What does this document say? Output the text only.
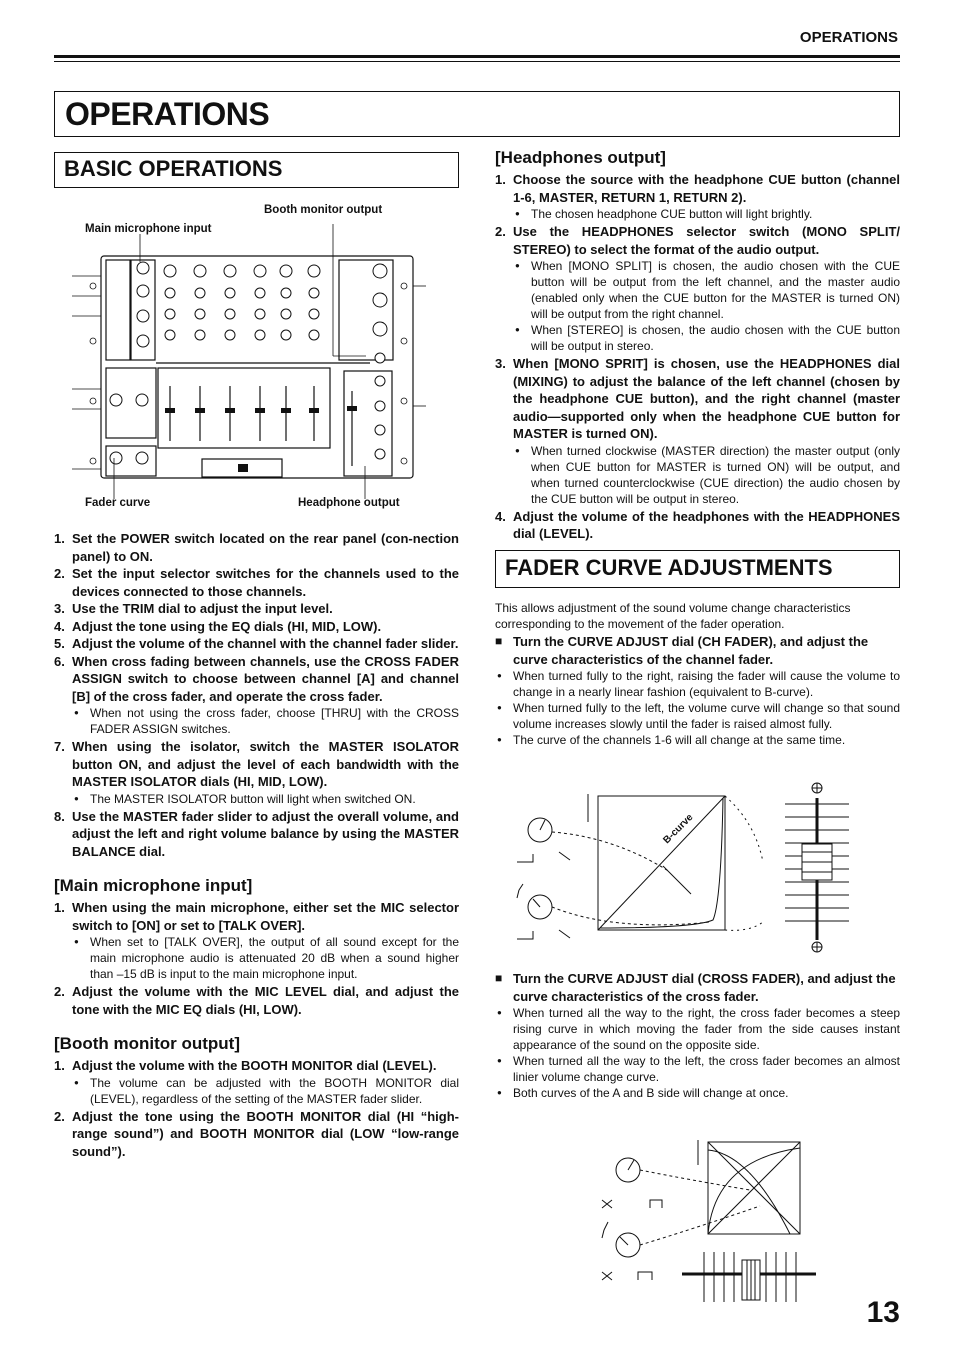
OPERATIONS
OPERATIONS
BASIC OPERATIONS
Booth monitor output
Main microphone input
Fader curve	Headphone output
1. Set the POWER switch located on the rear panel (con-nection panel) to ON.
2. Set the input selector switches for the channels used to the devices connected to those channels.
3. Use the TRIM dial to adjust the input level.
4. Adjust the tone using the EQ dials (HI, MID, LOW).
5. Adjust the volume of the channel with the channel fader slider.
6. When cross fading between channels, use the CROSS FADER ASSIGN switch to choose between channel [A] and channel [B] of the cross fader, and operate the cross fader.
● When not using the cross fader, choose [THRU] with the CROSS FADER ASSIGN switches.
7. When using the isolator, switch the MASTER ISOLATOR button ON, and adjust the level of each bandwidth with the MASTER ISOLATOR dials (HI, MID, LOW).
● The MASTER ISOLATOR button will light when switched ON.
8. Use the MASTER fader slider to adjust the overall volume, and adjust the left and right volume balance by using the MASTER BALANCE dial.
[Main microphone input]
1. When using the main microphone, either set the MIC selector switch to [ON] or set to [TALK OVER].
● When set to [TALK OVER], the output of all sound except for the main microphone audio is attenuated 20 dB when a sound higher than –15 dB is input to the main microphone input.
2. Adjust the volume with the MIC LEVEL dial, and adjust the tone with the MIC EQ dials (HI, LOW).
[Booth monitor output]
1. Adjust the volume with the BOOTH MONITOR dial (LEVEL).
● The volume can be adjusted with the BOOTH MONITOR dial (LEVEL), regardless of the setting of the MASTER fader slider.
2. Adjust the tone using the BOOTH MONITOR dial (HI “high-range sound”) and BOOTH MONITOR dial (LOW “low-range sound”).
[Headphones output]
1. Choose the source with the headphone CUE button (channel 1-6, MASTER, RETURN 1, RETURN 2).
● The chosen headphone CUE button will light brightly.
2. Use the HEADPHONES selector switch (MONO SPLIT/ STEREO) to select the format of the audio output.
● When [MONO SPLIT] is chosen, the audio chosen with the CUE button will be output from the left channel, and the master audio (enabled only when the CUE button for the MASTER is turned ON) will be output from the right channel.
● When [STEREO] is chosen, the audio chosen with the CUE button will be output in stereo.
3. When [MONO SPRIT] is chosen, use the HEADPHONES dial (MIXING) to adjust the balance of the left channel (chosen by the headphone CUE button), and the right channel (master audio—supported only when the headphone CUE button for MASTER is turned ON).
● When turned clockwise (MASTER direction) the master output (only when CUE button for MASTER is turned ON) will be output, and when turned counterclockwise (CUE direction) the audio chosen by the CUE button will be output in stereo.
4. Adjust the volume of the headphones with the HEADPHONES dial (LEVEL).
FADER CURVE ADJUSTMENTS

This allows adjustment of the sound volume change characteristics corresponding to the movement of the fader operation.

■ Turn the CURVE ADJUST dial (CH FADER), and adjust the curve characteristics of the channel fader.
● When turned fully to the right, raising the fader will cause the volume to change in a nearly linear fashion (equivalent to B-curve).
● When turned fully to the left, the volume curve will change so that sound volume increases slowly until the fader is raised almost fully.
● The curve of the channels 1-6 will all change at the same time.
B-curve
■ Turn the CURVE ADJUST dial (CROSS FADER), and adjust the curve characteristics of the cross fader.
● When turned all the way to the right, the cross fader becomes a steep rising curve in which moving the fader from the side causes instant appearance of the sound on the opposite side.
● When turned all the way to the left, the cross fader becomes an almost linier volume change curve.
● Both curves of the A and B side will change at once.
13
